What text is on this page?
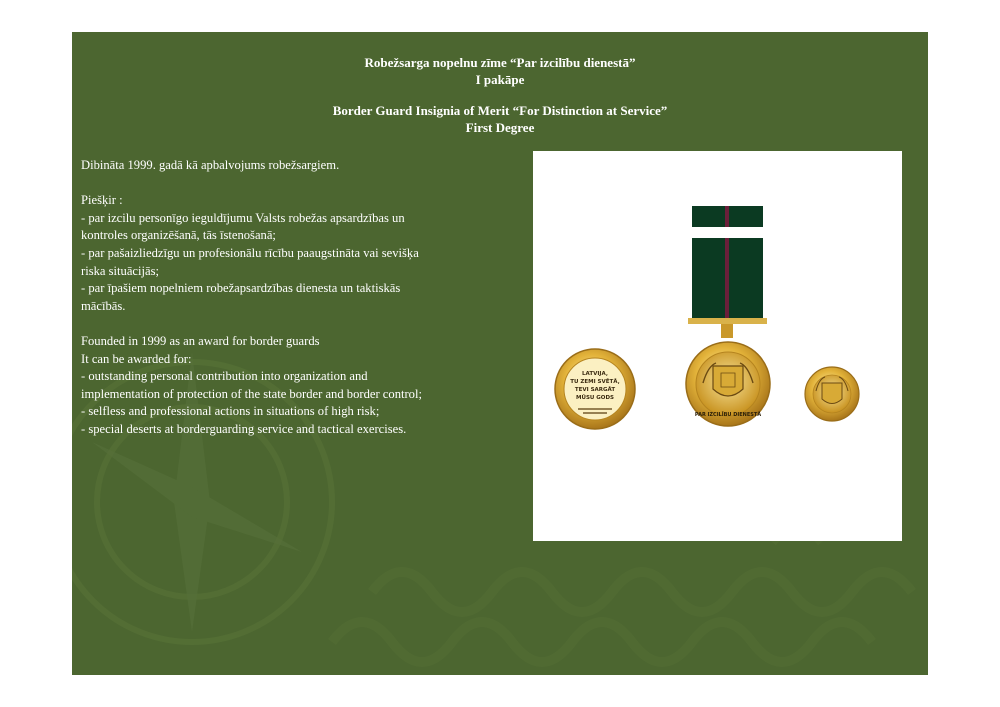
Robežsarga nopelnu zīme “Par izcilību dienestā”
I pakāpe
Border Guard Insignia of Merit “For Distinction at Service”
First Degree

Dibināta 1999. gadā kā apbalvojums robežsargiem.

Piešķir :

- par izcilu personīgo ieguldījumu Valsts robežas apsardzības un

kontroles organizēšanā, tās īstenošanā;

- par pašaizliedzīgu un profesionālu rīcību paaugstināta vai sevišķa

riska situācijās;

- par īpašiem nopelniem robežapsardzības dienesta un taktiskās

mācībās.

Founded in 1999 as an award for border guards

It can be awarded for:

- outstanding personal contribution into organization and

implementation of protection of the state border and border control;

- selfless and professional actions in situations of high risk;

- special deserts at borderguarding service and tactical exercises.

LATVIJA,
TU ZEMI SVĒTĀ,
TEVI SARGĀT
MŪSU GODS
PAR IZCILĪBU DIENESTĀ
